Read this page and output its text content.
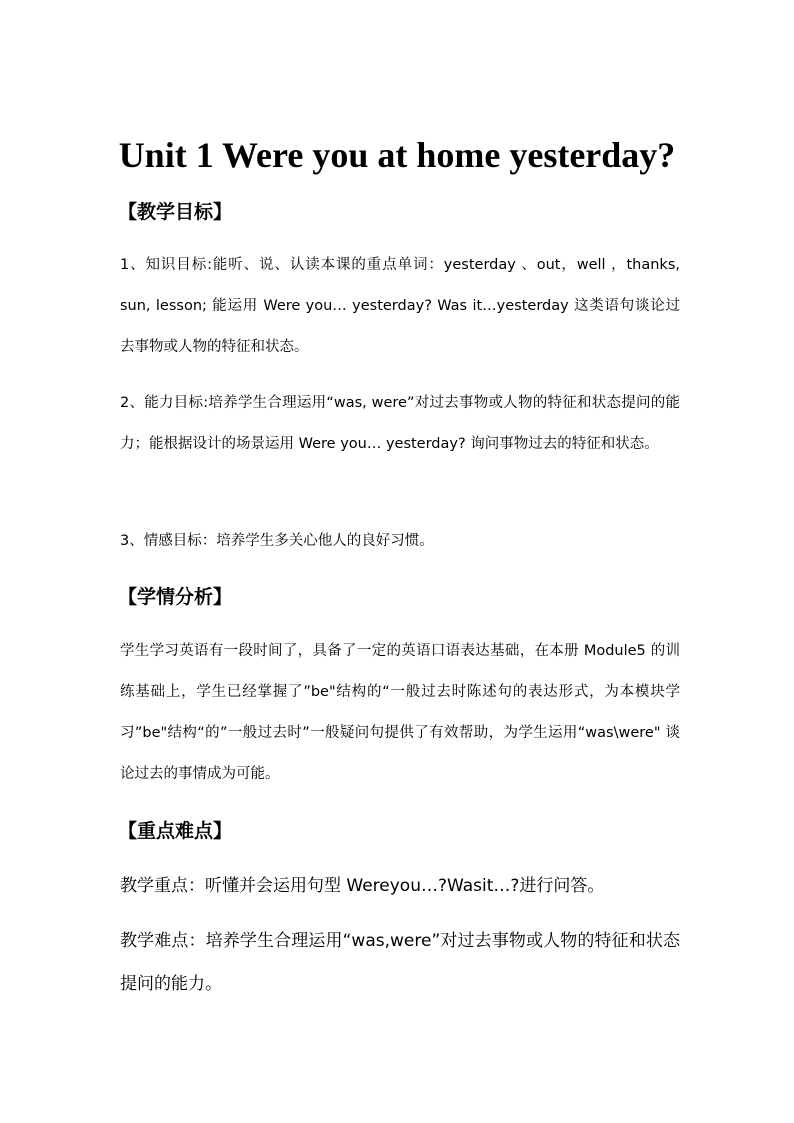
Unit 1 Were you at home yesterday?
【教学目标】

1、知识目标:能听、说、认读本课的重点单词：yesterday 、out，well ，thanks, sun, lesson; 能运用 Were you… yesterday? Was it…yesterday 这类语句谈论过去事物或人物的特征和状态。

2、能力目标:培养学生合理运用“was, were”对过去事物或人物的特征和状态提问的能力；能根据设计的场景运用 Were you… yesterday? 询问事物过去的特征和状态。

3、情感目标：培养学生多关心他人的良好习惯。

【学情分析】

学生学习英语有一段时间了，具备了一定的英语口语表达基础，在本册 Module5 的训练基础上，学生已经掌握了”be"结构的“一般过去时陈述句的表达形式，为本模块学习”be"结构“的”一般过去时”一般疑问句提供了有效帮助，为学生运用“was\were" 谈论过去的事情成为可能。

【重点难点】

教学重点：听懂并会运用句型 Wereyou…?Wasit…?进行问答。

教学难点：培养学生合理运用“was,were”对过去事物或人物的特征和状态提问的能力。
